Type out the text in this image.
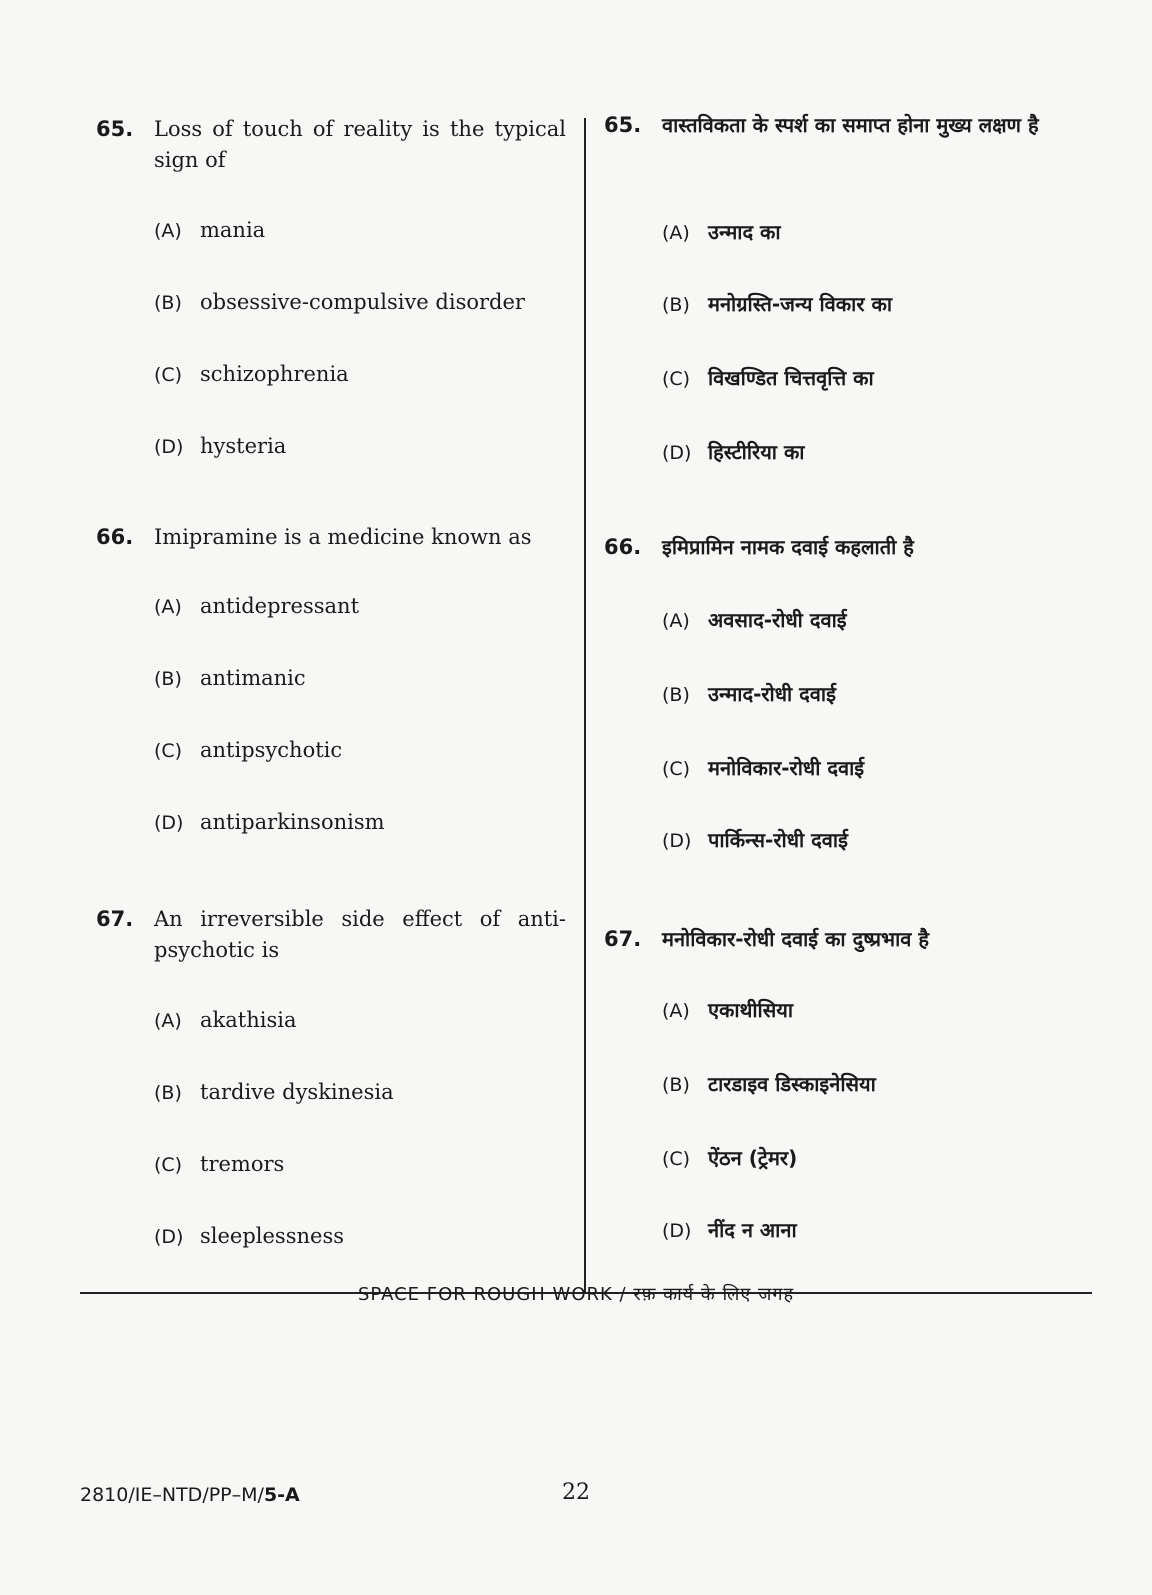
65. Loss of touch of reality is the typical sign of
(A) mania
(B) obsessive-compulsive disorder
(C) schizophrenia
(D) hysteria
66. Imipramine is a medicine known as
(A) antidepressant
(B) antimanic
(C) antipsychotic
(D) antiparkinsonism
67. An irreversible side effect of anti-psychotic is
(A) akathisia
(B) tardive dyskinesia
(C) tremors
(D) sleeplessness
65.	वास्तविकता के स्पर्श का समाप्त होना मुख्य लक्षण है
(A) उन्माद का
(B) मनोग्रस्ति-जन्य विकार का
(C) विखण्डित चित्तवृत्ति का
(D) हिस्टीरिया का
66.	इमिप्रामिन नामक दवाई कहलाती है
(A) अवसाद-रोधी दवाई
(B) उन्माद-रोधी दवाई
(C) मनोविकार-रोधी दवाई
(D) पार्किन्स-रोधी दवाई
67.	मनोविकार-रोधी दवाई का दुष्प्रभाव है
(A) एकाथीसिया
(B) टारडाइव डिस्काइनेसिया
(C) ऐंठन (ट्रेमर)
(D) नींद न आना
SPACE FOR ROUGH WORK / रफ़ कार्य के लिए जगह
2810/IE–NTD/PP–M/5-A	22
